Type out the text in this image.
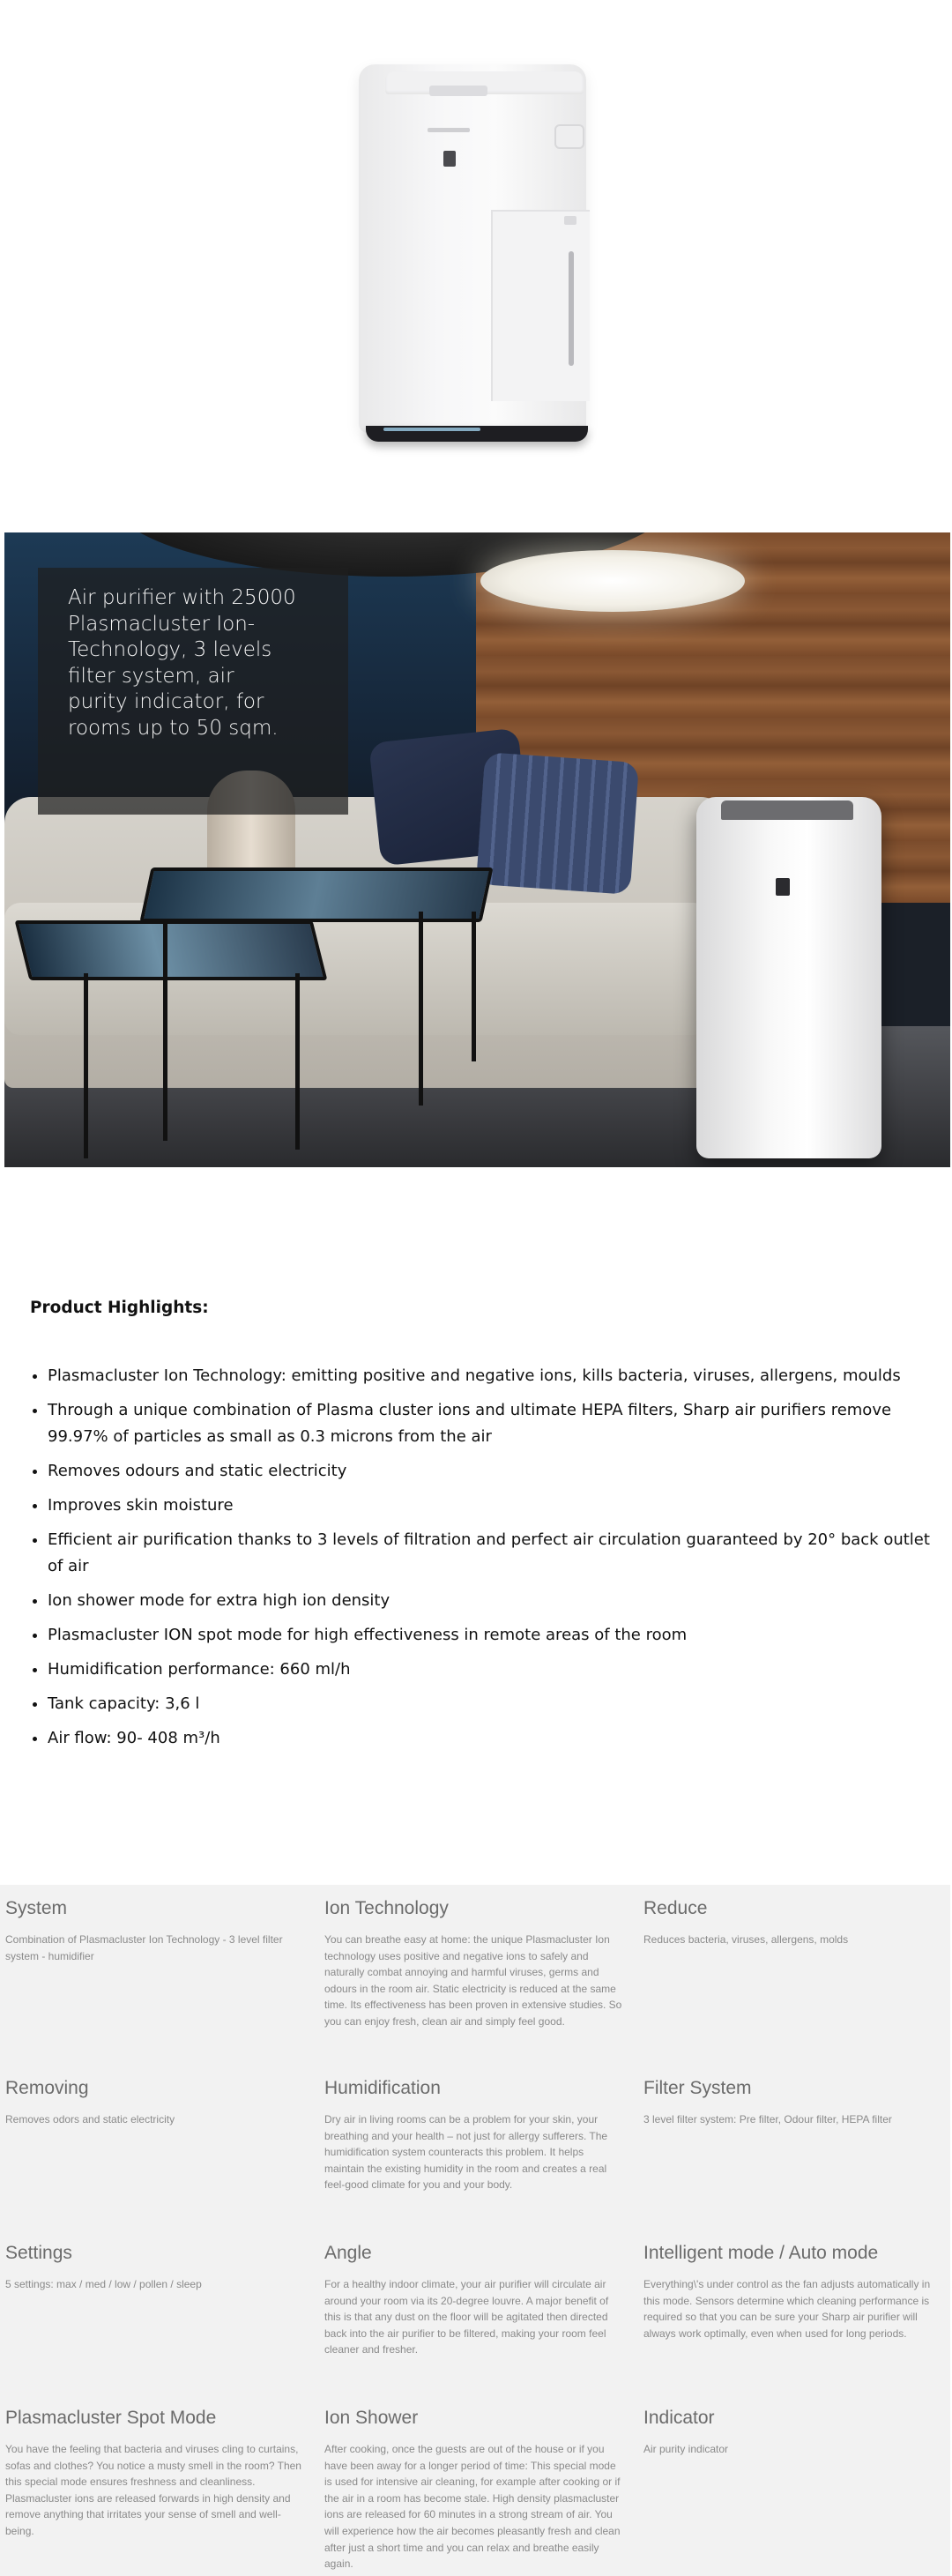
Air purifier with 25000 Plasmacluster Ion-Technology, 3 levels filter system, air purity indicator, for rooms up to 50 sqm.
Product Highlights:
• Plasmacluster Ion Technology: emitting positive and negative ions, kills bacteria, viruses, allergens, moulds
• Through a unique combination of Plasma cluster ions and ultimate HEPA filters, Sharp air purifiers remove 99.97% of particles as small as 0.3 microns from the air
• Removes odours and static electricity
• Improves skin moisture
• Efficient air purification thanks to 3 levels of filtration and perfect air circulation guaranteed by 20° back outlet of air
• Ion shower mode for extra high ion density
• Plasmacluster ION spot mode for high effectiveness in remote areas of the room
• Humidification performance: 660 ml/h
• Tank capacity: 3,6 l
• Air flow: 90- 408 m³/h
System
Combination of Plasmacluster Ion Technology - 3 level filter system - humidifier
Ion Technology
You can breathe easy at home: the unique Plasmacluster Ion technology uses positive and negative ions to safely and naturally combat annoying and harmful viruses, germs and odours in the room air. Static electricity is reduced at the same time. Its effectiveness has been proven in extensive studies. So you can enjoy fresh, clean air and simply feel good.
Reduce
Reduces bacteria, viruses, allergens, molds
Removing
Removes odors and static electricity
Humidification
Dry air in living rooms can be a problem for your skin, your breathing and your health – not just for allergy sufferers. The humidification system counteracts this problem. It helps maintain the existing humidity in the room and creates a real feel-good climate for you and your body.
Filter System
3 level filter system: Pre filter, Odour filter, HEPA filter
Settings
5 settings: max / med / low / pollen / sleep
Angle
For a healthy indoor climate, your air purifier will circulate air around your room via its 20-degree louvre. A major benefit of this is that any dust on the floor will be agitated then directed back into the air purifier to be filtered, making your room feel cleaner and fresher.
Intelligent mode / Auto mode
Everything\'s under control as the fan adjusts automatically in this mode. Sensors determine which cleaning performance is required so that you can be sure your Sharp air purifier will always work optimally, even when used for long periods.
Plasmacluster Spot Mode
You have the feeling that bacteria and viruses cling to curtains, sofas and clothes? You notice a musty smell in the room? Then this special mode ensures freshness and cleanliness. Plasmacluster ions are released forwards in high density and remove anything that irritates your sense of smell and well-being.
Ion Shower
After cooking, once the guests are out of the house or if you have been away for a longer period of time: This special mode is used for intensive air cleaning, for example after cooking or if the air in a room has become stale. High density plasmacluster ions are released for 60 minutes in a strong stream of air. You will experience how the air becomes pleasantly fresh and clean after just a short time and you can relax and breathe easily again.
Indicator
Air purity indicator
